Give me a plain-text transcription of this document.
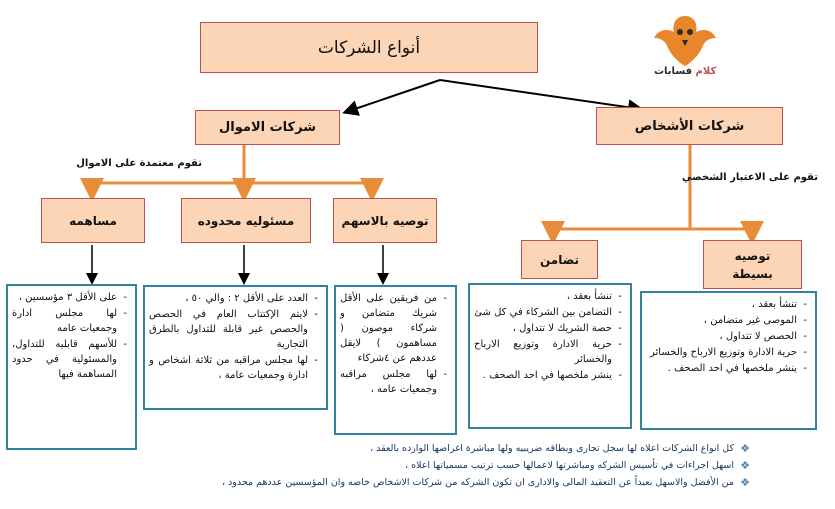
كلام فسابات
أنواع الشركات
شركات الأشخاص
شركات الاموال
تقوم على الاعتبار الشخصي
تقوم معتمدة على الاموال
توصيه بسيطة
تضامن
توصيه بالاسهم
مسئوليه محدوده
مساهمه
- تنشأ بعقد ،
- الموصى غير متضامن ،
- الحصص لا تتداول ،
- حرية الادارة وتوزيع الارباح والخسائر
- ينشر ملخصها في احد الصحف .
- تنشأ بعقد ،
- التضامن بين الشركاء في كل شئ
- حصة الشريك لا تتداول ،
- حرية الادارة وتوزيع الارباح والخسائر
- ينشر ملخصها في احد الصحف .
- من فريقين على الأقل شريك متضامن و شركاء موصون ( مساهمون ) لايقل عددهم عن ٤شركاء
- لها مجلس مراقبه وجمعيات عامه ،
- العدد على الأقل ٢ : والي ٥٠ ،
- لايتم الإكتتاب العام في الحصص والحصص غير قابلة للتداول بالطرق التجارية
- لها مجلس مراقبه من ثلاثة اشخاص و ادارة وجمعيات عامة ،
- على الأقل ٣ مؤسسين ،
- لها مجلس ادارة وجمعيات عامه
- للأسهم قابليه للتداول، والمسئولية في حدود المساهمة فيها
❖
كل انواع الشركات اعلاه لها سجل تجارى وبطاقه ضريبيه ولها مباشرة اغراضها الوارده بالعقد ،
❖
اسهل اجراءات في تأسيس الشركه ومباشرتها لاعمالها حسب ترتيب مسمياتها اعلاه ،
❖
من الأفضل والاسهل بعيداً عن التعقيد المالى والادارى ان تكون الشركه من شركات الاشخاص خاصه وان المؤسسين عددهم محدود ،
